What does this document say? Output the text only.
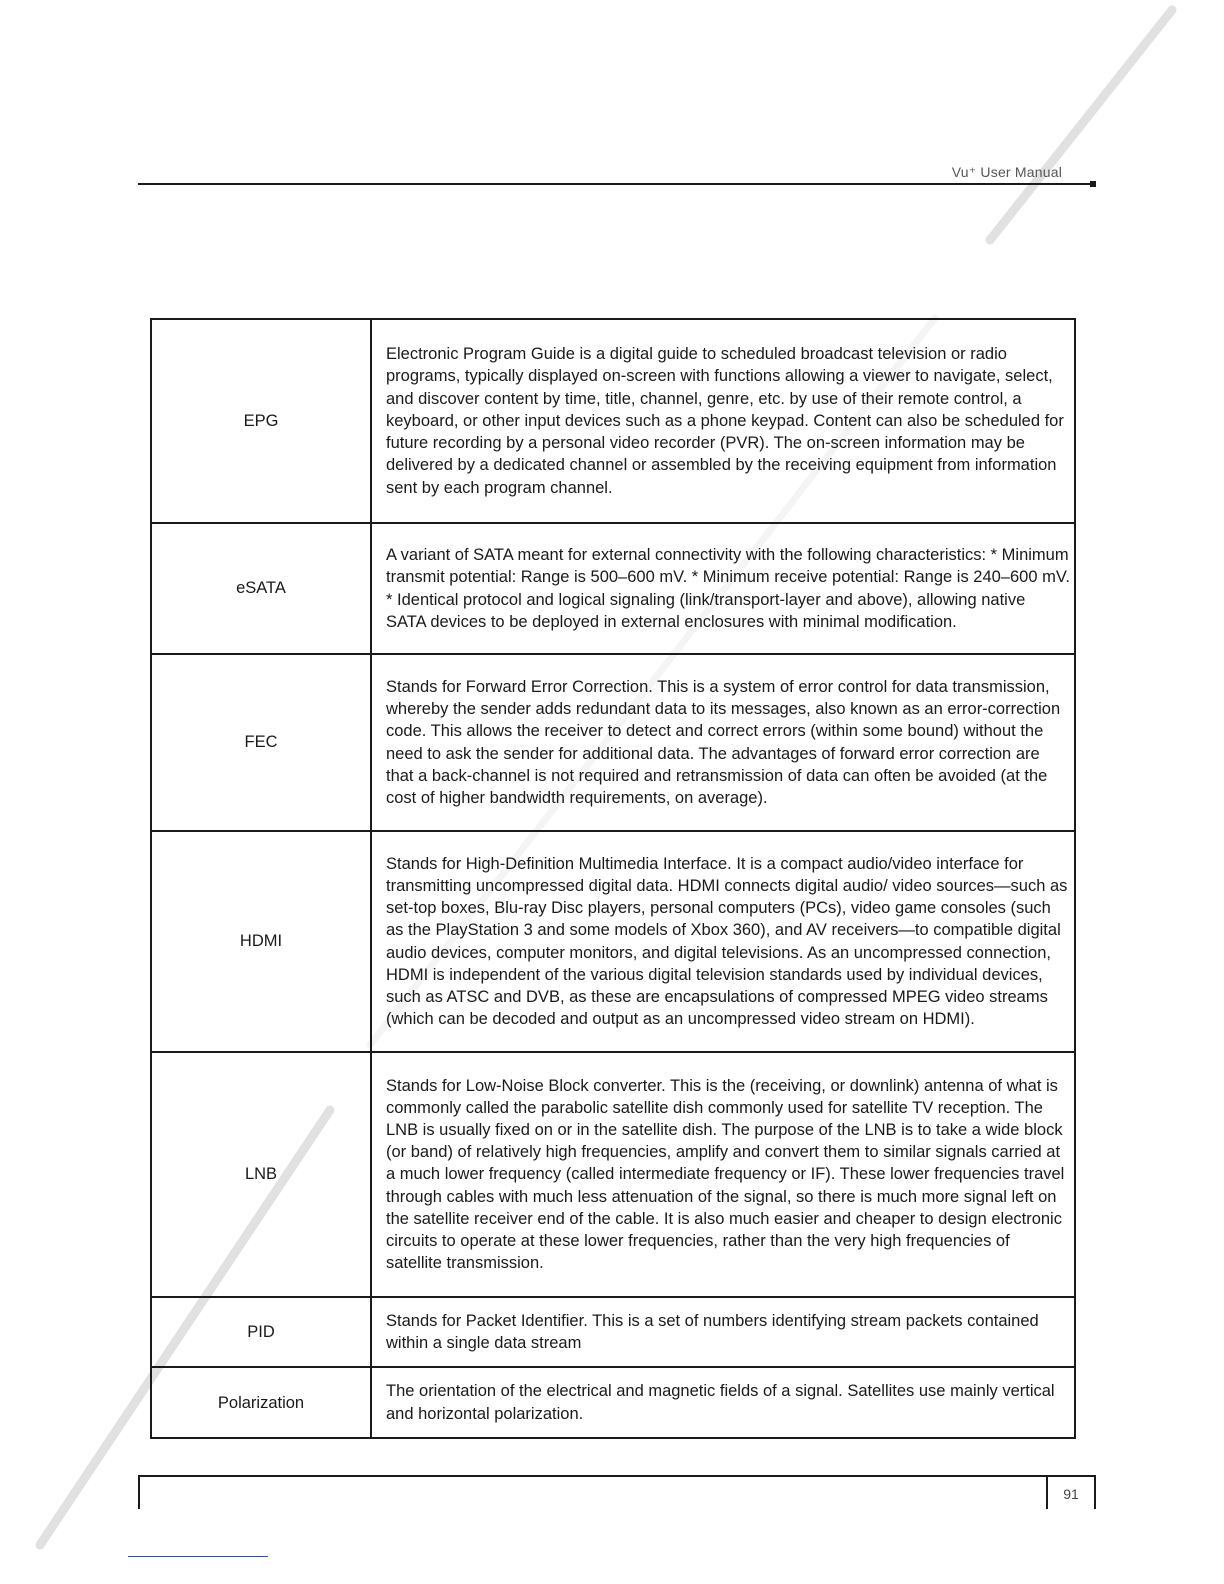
Vu⁺ User Manual
EPG	Electronic Program Guide is a digital guide to scheduled broadcast television or radio programs, typically displayed on-screen with functions allowing a viewer to navigate, select, and discover content by time, title, channel, genre, etc. by use of their remote control, a keyboard, or other input devices such as a phone keypad. Content can also be scheduled for future recording by a personal video recorder (PVR). The on-screen information may be delivered by a dedicated channel or assembled by the receiving equipment from information sent by each program channel.
eSATA	A variant of SATA meant for external connectivity with the following characteristics: * Minimum transmit potential: Range is 500–600 mV. * Minimum receive potential: Range is 240–600 mV. * Identical protocol and logical signaling (link/transport-layer and above), allowing native SATA devices to be deployed in external enclosures with minimal modification.
FEC	Stands for Forward Error Correction. This is a system of error control for data transmission, whereby the sender adds redundant data to its messages, also known as an error-correction code. This allows the receiver to detect and correct errors (within some bound) without the need to ask the sender for additional data. The advantages of forward error correction are that a back-channel is not required and retransmission of data can often be avoided (at the cost of higher bandwidth requirements, on average).
HDMI	Stands for High-Definition Multimedia Interface. It is a compact audio/video interface for transmitting uncompressed digital data. HDMI connects digital audio/ video sources—such as set-top boxes, Blu-ray Disc players, personal computers (PCs), video game consoles (such as the PlayStation 3 and some models of Xbox 360), and AV receivers—to compatible digital audio devices, computer monitors, and digital televisions. As an uncompressed connection, HDMI is independent of the various digital television standards used by individual devices, such as ATSC and DVB, as these are encapsulations of compressed MPEG video streams (which can be decoded and output as an uncompressed video stream on HDMI).
LNB	Stands for Low-Noise Block converter. This is the (receiving, or downlink) antenna of what is commonly called the parabolic satellite dish commonly used for satellite TV reception. The LNB is usually fixed on or in the satellite dish. The purpose of the LNB is to take a wide block (or band) of relatively high frequencies, amplify and convert them to similar signals carried at a much lower frequency (called intermediate frequency or IF). These lower frequencies travel through cables with much less attenuation of the signal, so there is much more signal left on the satellite receiver end of the cable. It is also much easier and cheaper to design electronic circuits to operate at these lower frequencies, rather than the very high frequencies of satellite transmission.
PID	Stands for Packet Identifier. This is a set of numbers identifying stream packets contained within a single data stream
Polarization	The orientation of the electrical and magnetic fields of a signal. Satellites use mainly vertical and horizontal polarization.
91
